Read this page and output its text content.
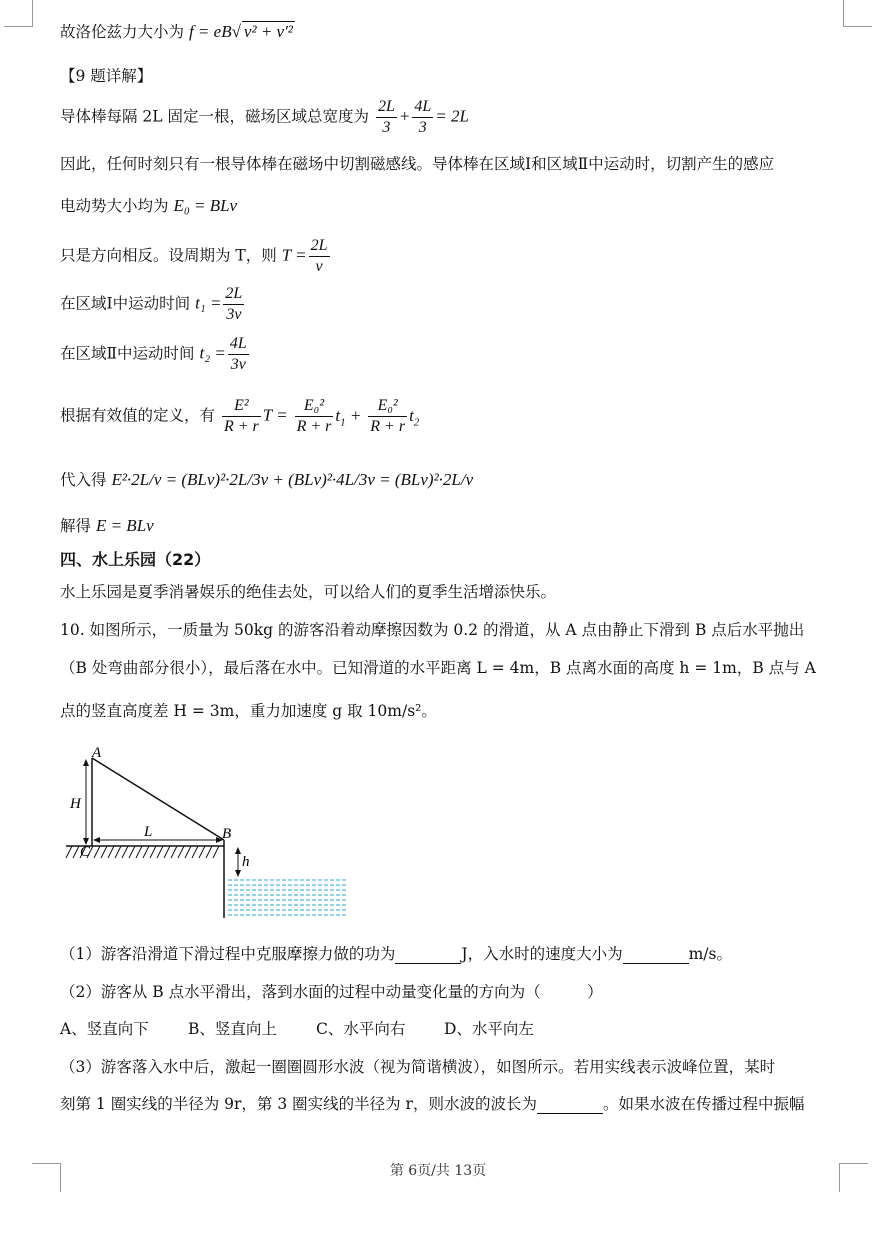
故洛伦兹力大小为 f = eB√ v² + v′²
【9 题详解】
导体棒每隔 2L 固定一根，磁场区域总宽度为 $\frac{2L}{3} + \frac{4L}{3} = 2L$
因此，任何时刻只有一根导体棒在磁场中切割磁感线。导体棒在区域Ⅰ和区域Ⅱ中运动时，切割产生的感应
电动势大小均为 E₀ = BLv
只是方向相反。设周期为 T，则 $T = \frac{2L}{v}$
在区域Ⅰ中运动时间 $t_1 = \frac{2L}{3v}$
在区域Ⅱ中运动时间 $t_2 = \frac{4L}{3v}$
根据有效值的定义，有 $\frac{\text{E²}}{R + r}$ $T = \frac{\text{E₀²}}{R + r} t_1 + \frac{\text{E₀²}}{R + r} t_2$
代入得 E²·2L/v = (BLv)²·2L/3v + (BLv)²·4L/3v = (BLv)²·2L/v
解得 E = BLv
四、水上乐园（22）
水上乐园是夏季消暑娱乐的绝佳去处，可以给人们的夏季生活增添快乐。
10. 如图所示，一质量为 50kg 的游客沿着动摩擦因数为 0.2 的滑道，从 A 点由静止下滑到 B 点后水平抛出
（B 处弯曲部分很小），最后落在水中。已知滑道的水平距离 L = 4m，B 点离水面的高度 h = 1m，B 点与 A
点的竖直高度差 H = 3m，重力加速度 g 取 10m/s²。
A
B
C
H
L
h
（1）游客沿滑道下滑过程中克服摩擦力做的功为	J，入水时的速度大小为	m/s。
（2）游客从 B 点水平滑出，落到水面的过程中动量变化量的方向为（　　　）
A、竖直向下	B、竖直向上	C、水平向右 D、水平向左
（3）游客落入水中后，激起一圈圈圆形水波（视为简谐横波），如图所示。若用实线表示波峰位置，某时
刻第 1 圈实线的半径为 9r，第 3 圈实线的半径为 r，则水波的波长为	。如果水波在传播过程中振幅
第 6页/共 13页
